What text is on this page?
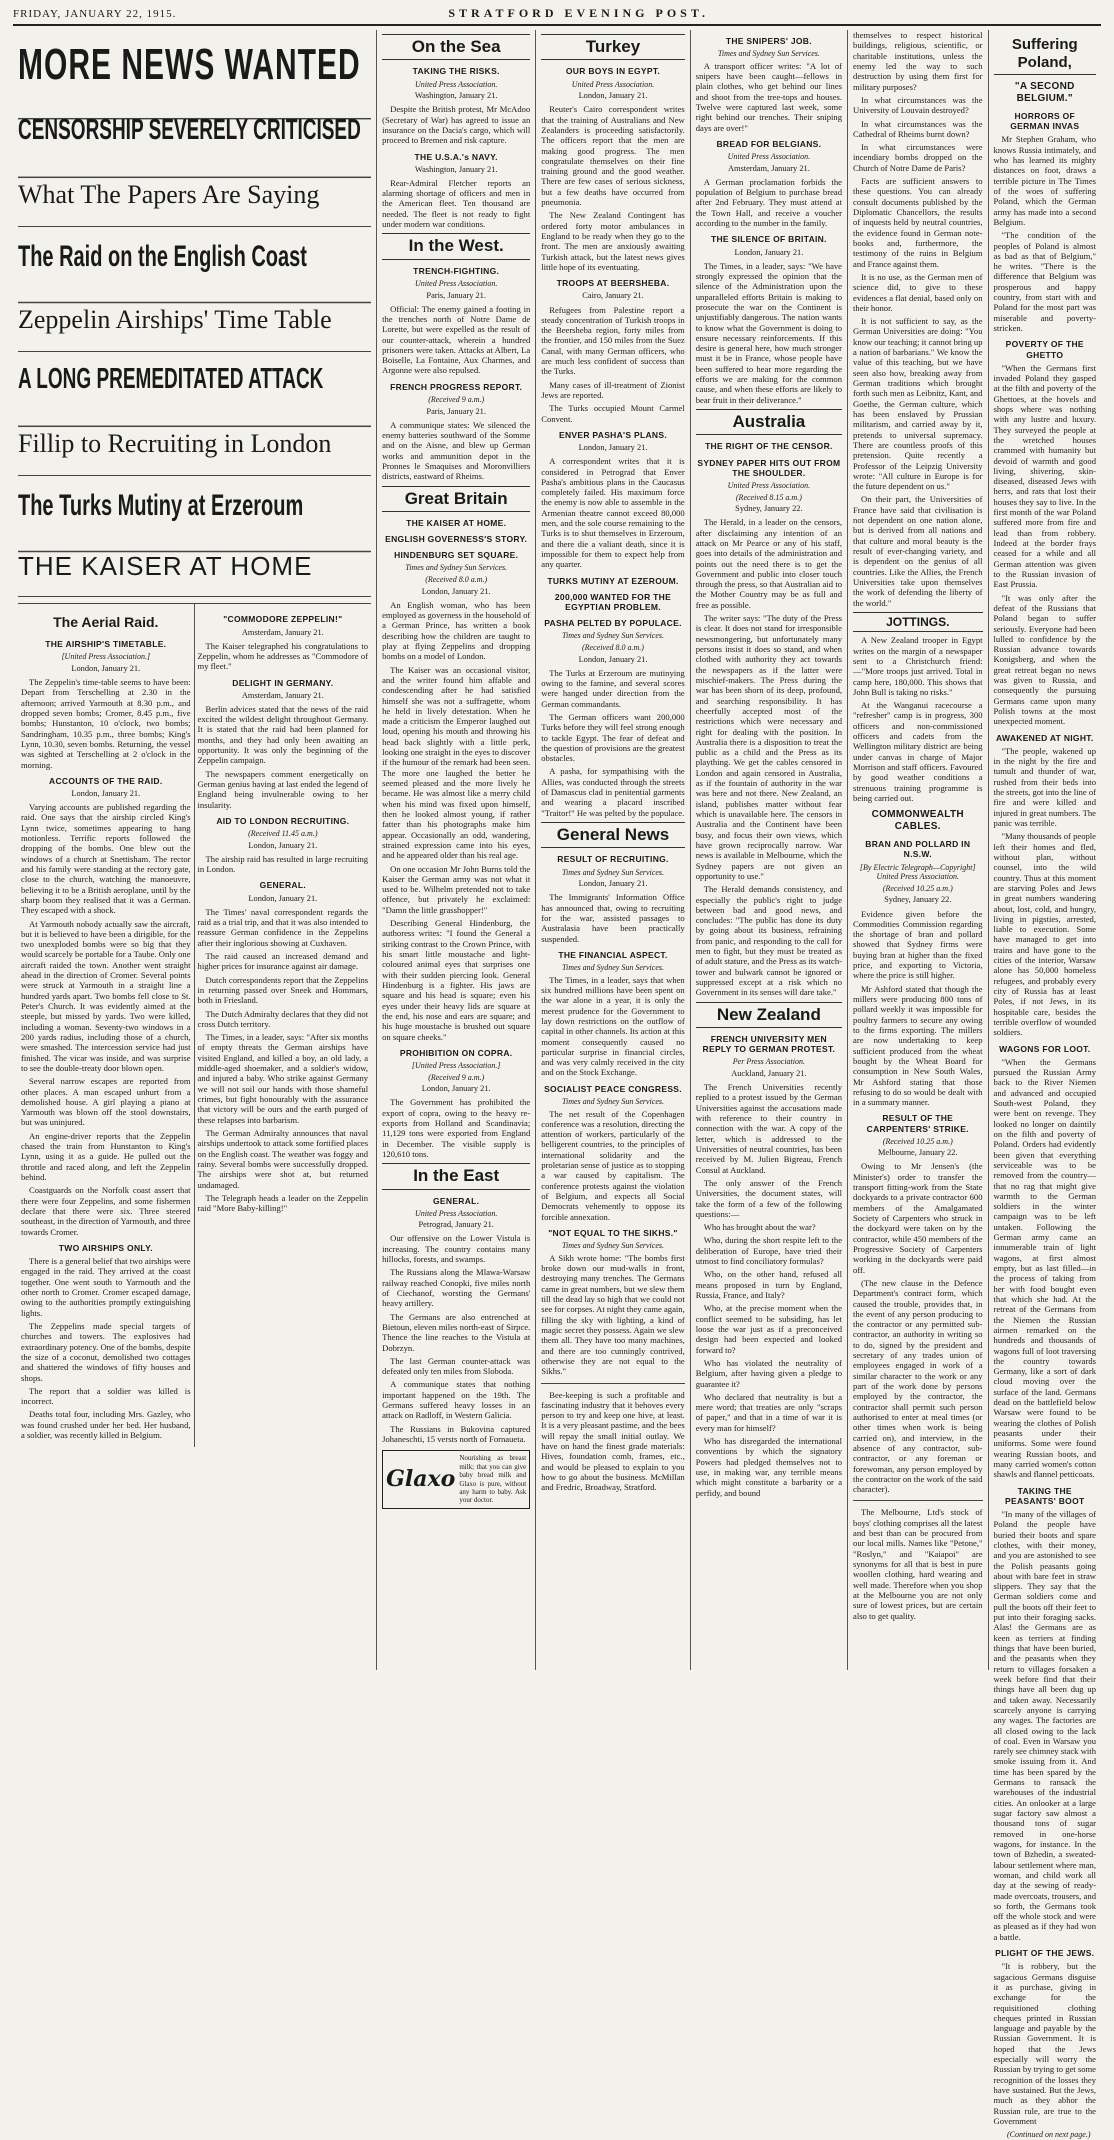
FRIDAY, JANUARY 22, 1915.	STRATFORD EVENING POST.
MORE NEWS WANTED
CENSORSHIP SEVERELY CRITICISED
What The Papers Are Saying
The Raid on the English Coast
Zeppelin Airships' Time Table
A LONG PREMEDITATED ATTACK
Fillip to Recruiting in London
The Turks Mutiny at Erzeroum
THE KAISER AT HOME
The Aerial Raid.
THE AIRSHIP'S TIMETABLE.

[United Press Association.]

London, January 21.

The Zeppelin's time-table seems to have been: Depart from Terschelling at 2.30 in the afternoon; arrived Yarmouth at 8.30 p.m., and dropped seven bombs; Cromer, 8.45 p.m., five bombs; Hunstanton, 10 o'clock, two bombs; Sandringham, 10.35 p.m., three bombs; King's Lynn, 10.30, seven bombs. Returning, the vessel was sighted at Terschelling at 2 o'clock in the morning.

ACCOUNTS OF THE RAID.

London, January 21.

Varying accounts are published regarding the raid. One says that the airship circled King's Lynn twice, sometimes appearing to hang motionless. Terrific reports followed the dropping of the bombs. One blew out the windows of a church at Snettisham. The rector and his family were standing at the rectory gate, close to the church, watching the manoeuvre, believing it to be a British aeroplane, until by the sharp boom they realised that it was a German. They escaped with a shock.

At Yarmouth nobody actually saw the aircraft, but it is believed to have been a dirigible, for the two unexploded bombs were so big that they would scarcely be portable for a Taube. Only one aircraft raided the town. Another went straight ahead in the direction of Cromer. Several points were struck at Yarmouth in a straight line a hundred yards apart. Two bombs fell close to St. Peter's Church. It was evidently aimed at the steeple, but missed by yards. Two were killed, including a woman. Seventy-two windows in a 200 yards radius, including those of a church, were smashed. The intercession service had just finished. The vicar was inside, and was surprise to see the double-treaty door blown open.

Several narrow escapes are reported from other places. A man escaped unhurt from a demolished house. A girl playing a piano at Yarmouth was blown off the stool downstairs, but was uninjured.

An engine-driver reports that the Zeppelin chased the train from Hunstanton to King's Lynn, using it as a guide. He pulled out the throttle and raced along, and left the Zeppelin behind.

Coastguards on the Norfolk coast assert that there were four Zeppelins, and some fishermen declare that there were six. Three steered southeast, in the direction of Yarmouth, and three towards Cromer.

TWO AIRSHIPS ONLY.

There is a general belief that two airships were engaged in the raid. They arrived at the coast together. One went south to Yarmouth and the other north to Cromer. Cromer escaped damage, owing to the authorities promptly extinguishing lights.

The Zeppelins made special targets of churches and towers. The explosives had extraordinary potency. One of the bombs, despite the size of a coconut, demolished two cottages and shattered the windows of fifty houses and shops.

The report that a soldier was killed is incorrect.

Deaths total four, including Mrs. Gazley, who was found crushed under her bed. Her husband, a soldier, was recently killed in Belgium.

"COMMODORE ZEPPELIN!"

Amsterdam, January 21.

The Kaiser telegraphed his congratulations to Zeppelin, whom he addresses as "Commodore of my fleet."

DELIGHT IN GERMANY.

Amsterdam, January 21.

Berlin advices stated that the news of the raid excited the wildest delight throughout Germany. It is stated that the raid had been planned for months, and they had only been awaiting an opportunity. It was only the beginning of the Zeppelin campaign.

The newspapers comment energetically on German genius having at last ended the legend of England being invulnerable owing to her insularity.

AID TO LONDON RECRUITING.

(Received 11.45 a.m.)

London, January 21.

The airship raid has resulted in large recruiting in London.

GENERAL.

London, January 21.

The Times' naval correspondent regards the raid as a trial trip, and that it was also intended to reassure German confidence in the Zeppelins after their inglorious showing at Cuxhaven.

The raid caused an increased demand and higher prices for insurance against air damage.

Dutch correspondents report that the Zeppelins in returning passed over Sneek and Hommars, both in Friesland.

The Dutch Admiralty declares that they did not cross Dutch territory.

The Times, in a leader, says: "After six months of empty threats the German airships have visited England, and killed a boy, an old lady, a middle-aged shoemaker, and a soldier's widow, and injured a baby. Who strike against Germany we will not soil our hands with those shameful crimes, but fight honourably with the assurance that victory will be ours and the earth purged of these relapses into barbarism.

The German Admiralty announces that naval airships undertook to attack some fortified places on the English coast. The weather was foggy and rainy. Several bombs were successfully dropped. The airships were shot at, but returned undamaged.

The Telegraph heads a leader on the Zeppelin raid "More Baby-killing!"

On the Sea
TAKING THE RISKS.

United Press Association.

Washington, January 21.

Despite the British protest, Mr McAdoo (Secretary of War) has agreed to issue an insurance on the Dacia's cargo, which will proceed to Bremen and risk capture.

THE U.S.A.'s NAVY.

Washington, January 21.

Rear-Admiral Fletcher reports an alarming shortage of officers and men in the American fleet. Ten thousand are needed. The fleet is not ready to fight under modern war conditions.

In the West.
TRENCH-FIGHTING.

United Press Association.

Paris, January 21.

Official: The enemy gained a footing in the trenches north of Notre Dame de Lorette, but were expelled as the result of our counter-attack, wherein a hundred prisoners were taken. Attacks at Albert, La Boiselle, La Fontaine, Aux Charmes, and Argonne were also repulsed.

FRENCH PROGRESS REPORT.

(Received 9 a.m.)

Paris, January 21.

A communique states: We silenced the enemy batteries southward of the Somme and on the Aisne, and blew up German works and ammunition depot in the Pronnes le Smaquises and Moronvilliers districts, eastward of Rheims.

Great Britain
THE KAISER AT HOME.
ENGLISH GOVERNESS'S STORY.
HINDENBURG SET SQUARE.

Times and Sydney Sun Services.

(Received 8.0 a.m.)

London, January 21.

An English woman, who has been employed as governess in the household of a German Prince, has written a book describing how the children are taught to play at flying Zeppelins and dropping bombs on a model of London.

The Kaiser was an occasional visitor, and the writer found him affable and condescending after he had satisfied himself she was not a suffragette, whom he held in lively detestation. When he made a criticism the Emperor laughed out loud, opening his mouth and throwing his head back slightly with a little perk, looking one straight in the eyes to discover if the humour of the remark had been seen. The more one laughed the better he seemed pleased and the more lively he became. He was almost like a merry child when his mind was fixed upon himself, then he looked almost young, if rather fatter than his photographs make him appear. Occasionally an odd, wandering, strained expression came into his eyes, and he appeared older than his real age.

On one occasion Mr John Burns told the Kaiser the German army was not what it used to be. Wilhelm pretended not to take offence, but privately he exclaimed: "Damn the little grasshopper!"

Describing General Hindenburg, the authoress writes: "I found the General a striking contrast to the Crown Prince, with his smart little moustache and light-coloured animal eyes that surprises one with their sudden piercing look. General Hindenburg is a fighter. His jaws are square and his head is square; even his eyes under their heavy lids are square at the end, his nose and ears are square; and his huge moustache is brushed out square on square cheeks."

PROHIBITION ON COPRA.

[United Press Association.]

(Received 9 a.m.)

London, January 21.

The Government has prohibited the export of copra, owing to the heavy re-exports from Holland and Scandinavia; 11,129 tons were exported from England in December. The visible supply is 120,610 tons.

In the East
GENERAL.

United Press Association.

Petrograd, January 21.

Our offensive on the Lower Vistula is increasing. The country contains many hillocks, forests, and swamps.

The Russians along the Mlawa-Warsaw railway reached Conopki, five miles north of Ciechanof, worsting the Germans' heavy artillery.

The Germans are also entrenched at Bietoun, eleven miles north-east of Sirpce. Thence the line reaches to the Vistula at Dobrzyn.

The last German counter-attack was defeated only ten miles from Sloboda.

A communique states that nothing important happened on the 19th. The Germans suffered heavy losses in an attack on Radloff, in Western Galicia.

The Russians in Bukovina captured Johaneschti, 15 versts north of Fornaueta.

Glaxo
Nourishing as breast milk; that you can give baby bread milk and Glaxo is pure, without any harm to baby. Ask your doctor.
Turkey
OUR BOYS IN EGYPT.

United Press Association.

London, January 21.

Reuter's Cairo correspondent writes that the training of Australians and New Zealanders is proceeding satisfactorily. The officers report that the men are making good progress. The men congratulate themselves on their fine training ground and the good weather. There are few cases of serious sickness, but a few deaths have occurred from pneumonia.

The New Zealand Contingent has ordered forty motor ambulances in England to be ready when they go to the front. The men are anxiously awaiting Turkish attack, but the latest news gives little hope of its eventuating.

TROOPS AT BEERSHEBA.

Cairo, January 21.

Refugees from Palestine report a steady concentration of Turkish troops in the Beersheba region, forty miles from the frontier, and 150 miles from the Suez Canal, with many German officers, who are much less confident of success than the Turks.

Many cases of ill-treatment of Zionist Jews are reported.

The Turks occupied Mount Carmel Convent.

ENVER PASHA'S PLANS.

London, January 21.

A correspondent writes that it is considered in Petrograd that Enver Pasha's ambitious plans in the Caucasus completely failed. His maximum force the enemy is now able to assemble in the Armenian theatre cannot exceed 80,000 men, and the sole course remaining to the Turks is to shut themselves in Erzeroum, and there die a valiant death, since it is impossible for them to expect help from any quarter.

TURKS MUTINY AT EZEROUM.
200,000 WANTED FOR THE EGYPTIAN PROBLEM.
PASHA PELTED BY POPULACE.

Times and Sydney Sun Services.

(Received 8.0 a.m.)

London, January 21.

The Turks at Erzeroum are mutinying owing to the famine, and several scores were hanged under direction from the German commandants.

The German officers want 200,000 Turks before they will feel strong enough to tackle Egypt. The fear of defeat and the question of provisions are the greatest obstacles.

A pasha, for sympathising with the Allies, was conducted through the streets of Damascus clad in penitential garments and wearing a placard inscribed "Traitor!" He was pelted by the populace.

General News
RESULT OF RECRUITING.

Times and Sydney Sun Services.

London, January 21.

The Immigrants' Information Office has announced that, owing to recruiting for the war, assisted passages to Australasia have been practically suspended.

THE FINANCIAL ASPECT.

Times and Sydney Sun Services.

The Times, in a leader, says that when six hundred millions have been spent on the war alone in a year, it is only the merest prudence for the Government to lay down restrictions on the outflow of capital in other channels. Its action at this moment consequently caused no particular surprise in financial circles, and was very calmly received in the city and on the Stock Exchange.

SOCIALIST PEACE CONGRESS.

Times and Sydney Sun Services.

The net result of the Copenhagen conference was a resolution, directing the attention of workers, particularly of the belligerent countries, to the principles of international solidarity and the proletarian sense of justice as to stopping a war caused by capitalism. The conference protests against the violation of Belgium, and expects all Social Democrats vehemently to oppose its forcible annexation.

"NOT EQUAL TO THE SIKHS."

Times and Sydney Sun Services.

A Sikh wrote home: "The bombs first broke down our mud-walls in front, destroying many trenches. The Germans came in great numbers, but we slew them till the dead lay so high that we could not see for corpses. At night they came again, filling the sky with lighting, a kind of magic secret they possess. Again we slew them all. They have too many machines, and there are too cunningly contrived, otherwise they are not equal to the Sikhs."

Bee-keeping is such a profitable and fascinating industry that it behoves every person to try and keep one hive, at least. It is a very pleasant pastime, and the bees will repay the small initial outlay. We have on hand the finest grade materials: Hives, foundation comb, frames, etc., and would be pleased to explain to you how to go about the business. McMillan and Fredric, Broadway, Stratford.

THE SNIPERS' JOB.

Times and Sydney Sun Services.

A transport officer writes: "A lot of snipers have been caught—fellows in plain clothes, who get behind our lines and shoot from the tree-tops and houses. Twelve were captured last week, some right behind our trenches. Their sniping days are over!"

BREAD FOR BELGIANS.

United Press Association.

Amsterdam, January 21.

A German proclamation forbids the population of Belgium to purchase bread after 2nd February. They must attend at the Town Hall, and receive a voucher according to the number in the family.

THE SILENCE OF BRITAIN.

London, January 21.

The Times, in a leader, says: "We have strongly expressed the opinion that the silence of the Administration upon the unparalleled efforts Britain is making to prosecute the war on the Continent is unjustifiably dangerous. The nation wants to know what the Government is doing to ensure necessary reinforcements. If this desire is general here, how much stronger must it be in France, whose people have been suffered to hear more regarding the efforts we are making for the common cause, and when these efforts are likely to bear fruit in their deliverance."

Australia
THE RIGHT OF THE CENSOR.
SYDNEY PAPER HITS OUT FROM THE SHOULDER.

United Press Association.

(Received 8.15 a.m.)

Sydney, January 22.

The Herald, in a leader on the censors, after disclaiming any intention of an attack on Mr Pearce or any of his staff, goes into details of the administration and points out the need there is to get the Government and public into closer touch through the press, so that Australian aid to the Mother Country may be as full and free as possible.

The writer says: "The duty of the Press is clear. It does not stand for irresponsible newsmongering, but unfortunately many persons insist it does so stand, and when clothed with authority they act towards the newspapers as if the latter were mischief-makers. The Press during the war has been shorn of its deep, profound, and searching responsibility. It has cheerfully accepted most of the restrictions which were necessary and right for dealing with the position. In Australia there is a disposition to treat the public as a child and the Press as its plaything. We get the cables censored in London and again censored in Australia, as if the fountain of authority in the war was here and not there. New Zealand, an island, publishes matter without fear which is unavailable here. The censors in Australia and the Continent have been busy, and focus their own views, which have grown reciprocally narrow. War news is available in Melbourne, which the Sydney papers are not given an opportunity to use."

The Herald demands consistency, and especially the public's right to judge between bad and good news, and concludes: "The public has done its duty by going about its business, refraining from panic, and responding to the call for men to fight, but they must be treated as of adult stature, and the Press as its watch-tower and bulwark cannot be ignored or suppressed except at a risk which no Government in its senses will dare take."

New Zealand
FRENCH UNIVERSITY MEN REPLY TO GERMAN PROTEST.

Per Press Association.

Auckland, January 21.

The French Universities recently replied to a protest issued by the German Universities against the accusations made with reference to their country in connection with the war. A copy of the letter, which is addressed to the Universities of neutral countries, has been received by M. Julien Bigreau, French Consul at Auckland.

The only answer of the French Universities, the document states, will take the form of a few of the following questions:—

Who has brought about the war?

Who, during the short respite left to the deliberation of Europe, have tried their utmost to find conciliatory formulas?

Who, on the other hand, refused all means proposed in turn by England, Russia, France, and Italy?

Who, at the precise moment when the conflict seemed to be subsiding, has let loose the war just as if a preconceived design had been expected and looked forward to?

Who has violated the neutrality of Belgium, after having given a pledge to guarantee it?

Who declared that neutrality is but a mere word; that treaties are only "scraps of paper," and that in a time of war it is every man for himself?

Who has disregarded the international conventions by which the signatory Powers had pledged themselves not to use, in making war, any terrible means which might constitute a barbarity or a perfidy, and bound

themselves to respect historical buildings, religious, scientific, or charitable institutions, unless the enemy led the way to such destruction by using them first for military purposes?

In what circumstances was the University of Louvain destroyed?

In what circumstances was the Cathedral of Rheims burnt down?

In what circumstances were incendiary bombs dropped on the Church of Notre Dame de Paris?

Facts are sufficient answers to these questions. You can already consult documents published by the Diplomatic Chancellors, the results of inquests held by neutral countries, the evidence found in German note-books and, furthermore, the testimony of the ruins in Belgium and France against them.

It is no use, as the German men of science did, to give to these evidences a flat denial, based only on their honor.

It is not sufficient to say, as the German Universities are doing: "You know our teaching; it cannot bring up a nation of barbarians." We know the value of this teaching, but we have seen also how, breaking away from German traditions which brought forth such men as Leibnitz, Kant, and Goethe, the German culture, which has been enslaved by Prussian militarism, and carried away by it, pretends to universal supremacy. There are countless proofs of this pretension. Quite recently a Professor of the Leipzig University wrote: "All culture in Europe is for the future dependent on us."

On their part, the Universities of France have said that civilisation is not dependent on one nation alone, but is derived from all nations and that culture and moral beauty is the result of ever-changing variety, and is dependent on the genius of all countries. Like the Allies, the French Universities take upon themselves the work of defending the liberty of the world."

JOTTINGS.

A New Zealand trooper in Egypt writes on the margin of a newspaper sent to a Christchurch friend:—"More troops just arrived. Total in camp here, 180,000. This shows that John Bull is taking no risks."

At the Wanganui racecourse a "refresher" camp is in progress, 300 officers and non-commissioned officers and cadets from the Wellington military district are being under canvas in charge of Major Morrison and staff officers. Favoured by good weather conditions a strenuous training programme is being carried out.

COMMONWEALTH CABLES.
BRAN AND POLLARD IN N.S.W.

[By Electric Telegraph—Copyright] United Press Association.

(Received 10.25 a.m.)

Sydney, January 22.

Evidence given before the Commodities Commission regarding the shortage of bran and pollard showed that Sydney firms were buying bran at higher than the fixed price, and exporting to Victoria, where the price is still higher.

Mr Ashford stated that though the millers were producing 800 tons of pollard weekly it was impossible for poultry farmers to secure any owing to the firms exporting. The millers are now undertaking to keep sufficient produced from the wheat bought by the Wheat Board for consumption in New South Wales, Mr Ashford stating that those refusing to do so would be dealt with in a summary manner.

RESULT OF THE CARPENTERS' STRIKE.

(Received 10.25 a.m.)

Melbourne, January 22.

Owing to Mr Jensen's (the Minister's) order to transfer the transport fitting-work from the State dockyards to a private contractor 600 members of the Amalgamated Society of Carpenters who struck in the dockyard were taken on by the contractor, while 450 members of the Progressive Society of Carpenters working in the dockyards were paid off.

(The new clause in the Defence Department's contract form, which caused the trouble, provides that, in the event of any person producing to the contractor or any permitted sub-contractor, an authority in writing so to do, signed by the president and secretary of any trades union of employees engaged in work of a similar character to the work or any part of the work done by persons employed by the contractor, the contractor shall permit such person authorised to enter at meal times (or other times when work is being carried on), and interview, in the absence of any contractor, sub-contractor, or any foreman or forewoman, any person employed by the contractor on the work of the said character).

The Melbourne, Ltd's stock of boys' clothing comprises all the latest and best than can be procured from our local mills. Names like "Petone," "Roslyn," and "Kaiapoi" are synonyms for all that is best in pure woollen clothing, hard wearing and well made. Therefore when you shop at the Melbourne you are not only sure of lowest prices, but are certain also to get quality.

Suffering Poland,
"A SECOND BELGIUM."
HORRORS OF GERMAN INVAS

Mr Stephen Graham, who knows Russia intimately, and who has learned its mighty distances on foot, draws a terrible picture in The Times of the woes of suffering Poland, which the German army has made into a second Belgium.

"The condition of the peoples of Poland is almost as bad as that of Belgium," he writes. "There is the difference that Belgium was prosperous and happy country, from start with and Poland for the most part was miserable and poverty-stricken.

POVERTY OF THE GHETTO

"When the Germans first invaded Poland they gasped at the filth and poverty of the Ghettoes, at the hovels and shops where was nothing with any lustre and luxury. They surveyed the people at the wretched houses crammed with humanity but devoid of warmth and good living, shivering, skin-diseased, diseased Jews with herrs, and rats that lost their houses they say to live. In the first month of the war Poland suffered more from fire and lead than from robbery. Indeed at the border frays ceased for a while and all German attention was given to the Russian invasion of East Prussia.

"It was only after the defeat of the Russians that Poland began to suffer seriously. Everyone had been lulled to confidence by the Russian advance towards Konigsberg, and when the great retreat began no news was given to Russia, and consequently the pursuing Germans came upon many Polish towns at the most unexpected moment.

AWAKENED AT NIGHT.

"The people, wakened up in the night by the fire and tumult and thunder of war, rushed from their beds into the streets, got into the line of fire and were killed and injured in great numbers. The panic was terrible.

"Many thousands of people left their homes and fled, without plan, without counsel, into the wild country. Thus at this moment are starving Poles and Jews in great numbers wandering about, lost, cold, and hungry, living in pigsties, arrested, liable to execution. Some have managed to get into trains and have gone to the cities of the interior, Warsaw alone has 50,000 homeless refugees, and probably every city of Russia has at least Poles, if not Jews, in its hospitable care, besides the terrible overflow of wounded soldiers.

WAGONS FOR LOOT.

"When the Germans pursued the Russian Army back to the River Niemen and advanced and occupied South-west Poland, they were bent on revenge. They looked no longer on daintily on the filth and poverty of Poland. Orders had evidently been given that everything serviceable was to be removed from the country—that no rag that might give warmth to the German soldiers in the winter campaign was to be left untaken. Following the German army came an innumerable train of light wagons, at first almost empty, but as last filled—in the process of taking from her with food bought even that which she had. At the retreat of the Germans from the Niemen the Russian airmen remarked on the hundreds and thousands of wagons full of loot traversing the country towards Germany, like a sort of dark cloud moving over the surface of the land. Germans dead on the battlefield below Warsaw were found to be wearing the clothes of Polish peasants under their uniforms. Some were found wearing Russian boots, and many carried women's cotton shawls and flannel petticoats.

TAKING THE PEASANTS' BOOT

"In many of the villages of Poland the people have buried their boots and spare clothes, with their money, and you are astonished to see the Polish peasants going about with bare feet in straw slippers. They say that the German soldiers come and pull the boots off their feet to put into their foraging sacks. Alas! the Germans are as keen as terriers at finding things that have been buried, and the peasants when they return to villages forsaken a week before find that their things have all been dug up and taken away. Necessarily scarcely anyone is carrying any wages. The factories are all closed owing to the lack of coal. Even in Warsaw you rarely see chimney stack with smoke issuing from it. And time has been spared by the Germans to ransack the warehouses of the industrial cities. An onlooker at a large sugar factory saw almost a thousand tons of sugar removed in one-horse wagons, for instance. In the town of Bzhedin, a sweated-labour settlement where man, woman, and child work all day at the sewing of ready-made overcoats, trousers, and so forth, the Germans took off the whole stock and were as pleased as if they had won a battle.

PLIGHT OF THE JEWS.

"It is robbery, but the sagacious Germans disguise it as purchase, giving in exchange for the requisitioned clothing cheques printed in Russian language and payable by the Russian Government. It is hoped that the Jews especially will worry the Russian by trying to get some recognition of the losses they have sustained. But the Jews, much as they abhor the Russian rule, are true to the Government

(Continued on next page.)
